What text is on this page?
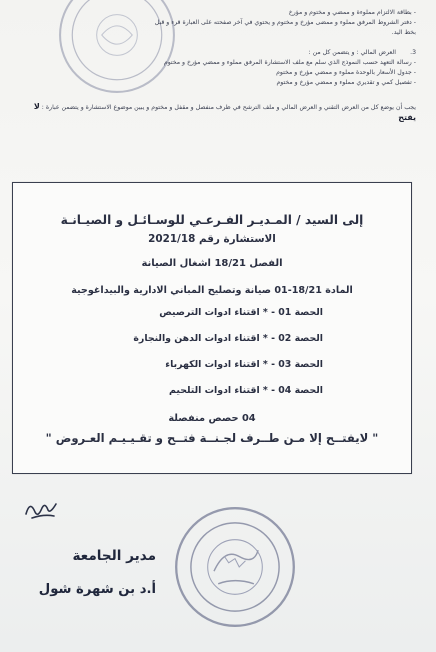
- بطاقة الالتزام مملوءة و ممضي و مختوم و مؤرخ
- دفتر الشروط المرفق مملوء و ممضى مؤرخ و مختوم و يحتوي في آخر صفحته على العبارة قرء و قبل
بخط اليد.
3. العرض المالي : و يتضمن كل من :
- رسالة التعهد حسب النموذج الذي سلم مع ملف الاستشارة المرفق مملوء و ممضي مؤرخ و مختوم
- جدول الأسعار بالوحدة مملوء و ممضي مؤرخ و مختوم
- تفصيل كمي و تقديري مملوء و ممضي مؤرخ و مختوم
يجب أن يوضع كل من العرض التقني و العرض المالي و ملف الترشح في ظرف منفصل و مقفل و مختوم و يبين موضوع الاستشارة و يتضمن عبارة : لا يفتح
إلى السيد / المـديـر الفـرعـي للوسـائـل و الصيـانـة
الاستشارة رقم 2021/18
الفصل 18/21 اشغال الصيانة
المادة 18/21-01 صيانة وتصليح المباني الادارية والبيداغوجية
الحصة 01 - * اقتناء ادوات الترصيص
الحصة 02 - * اقتناء ادوات الدهن والنجارة
الحصة 03 - * اقتناء ادوات الكهرباء
الحصة 04 - * اقتناء ادوات التلحيم
04 حصص منفصلة
" لايفتــح إلا مـن طــرف لجـنــة فتــح و تقـيـيـم العـروض "
مدير الجامعة
أ.د بن شهرة شول
